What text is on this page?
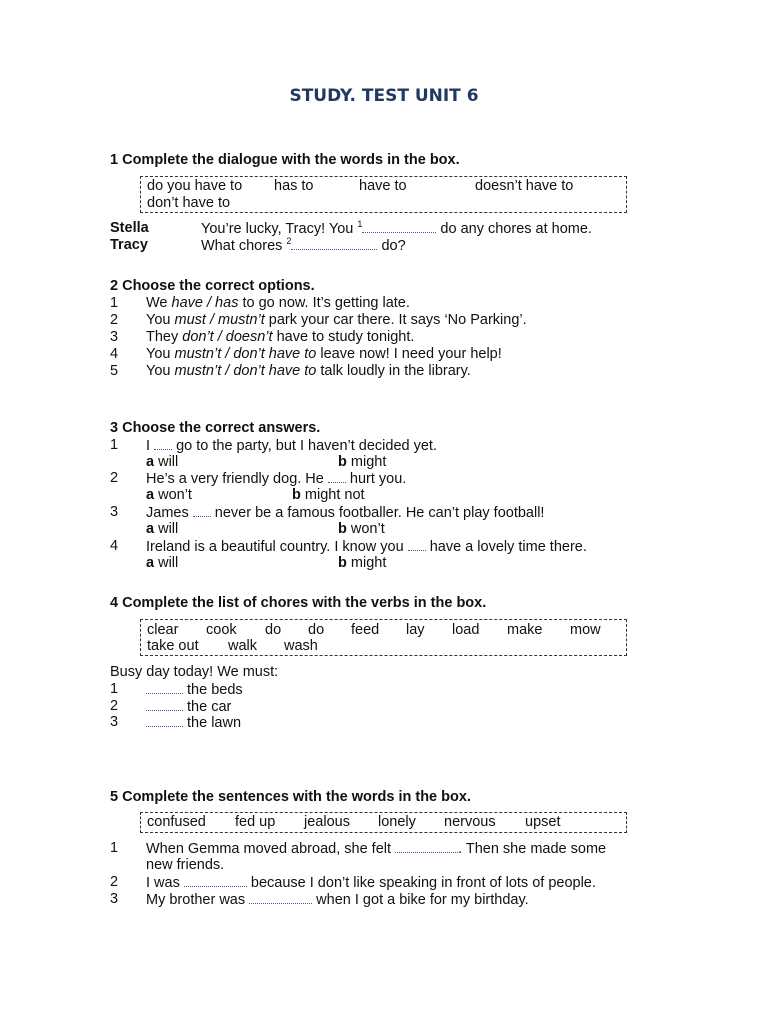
STUDY. TEST UNIT 6
1 Complete the dialogue with the words in the box.
do you have to has to	have to	doesn’t have to
don’t have to
Stella	You’re lucky, Tracy! You $^1$	do any chores at home.
Tracy	What chores $^2$	do?
2 Choose the correct options.
1 We have / has to go now. It’s getting late.
2 You must / mustn’t park your car there. It says ‘No Parking’.
3 They don’t / doesn’t have to study tonight.
4 You mustn’t / don’t have to leave now! I need your help!
5 You mustn’t / don’t have to talk loudly in the library.
3 Choose the correct answers.
1 I  go to the party, but I haven’t decided yet.
a will	b might
2 He’s a very friendly dog. He  hurt you.
a won’t	b might not
3 James  never be a famous footballer. He can’t play football!
a will	b won’t
4 Ireland is a beautiful country. I know you  have a lovely time there.
a will	b might
4 Complete the list of chores with the verbs in the box.
clear cook do do feed lay load make mow
take out walk wash
Busy day today! We must:
1	the beds
2	the car
3	the lawn
5 Complete the sentences with the words in the box.
confused fed up jealous lonely nervous upset
1 When Gemma moved abroad, she felt	. Then she made some
new friends.
2 I was	because I don’t like speaking in front of lots of people.
3 My brother was	when I got a bike for my birthday.
